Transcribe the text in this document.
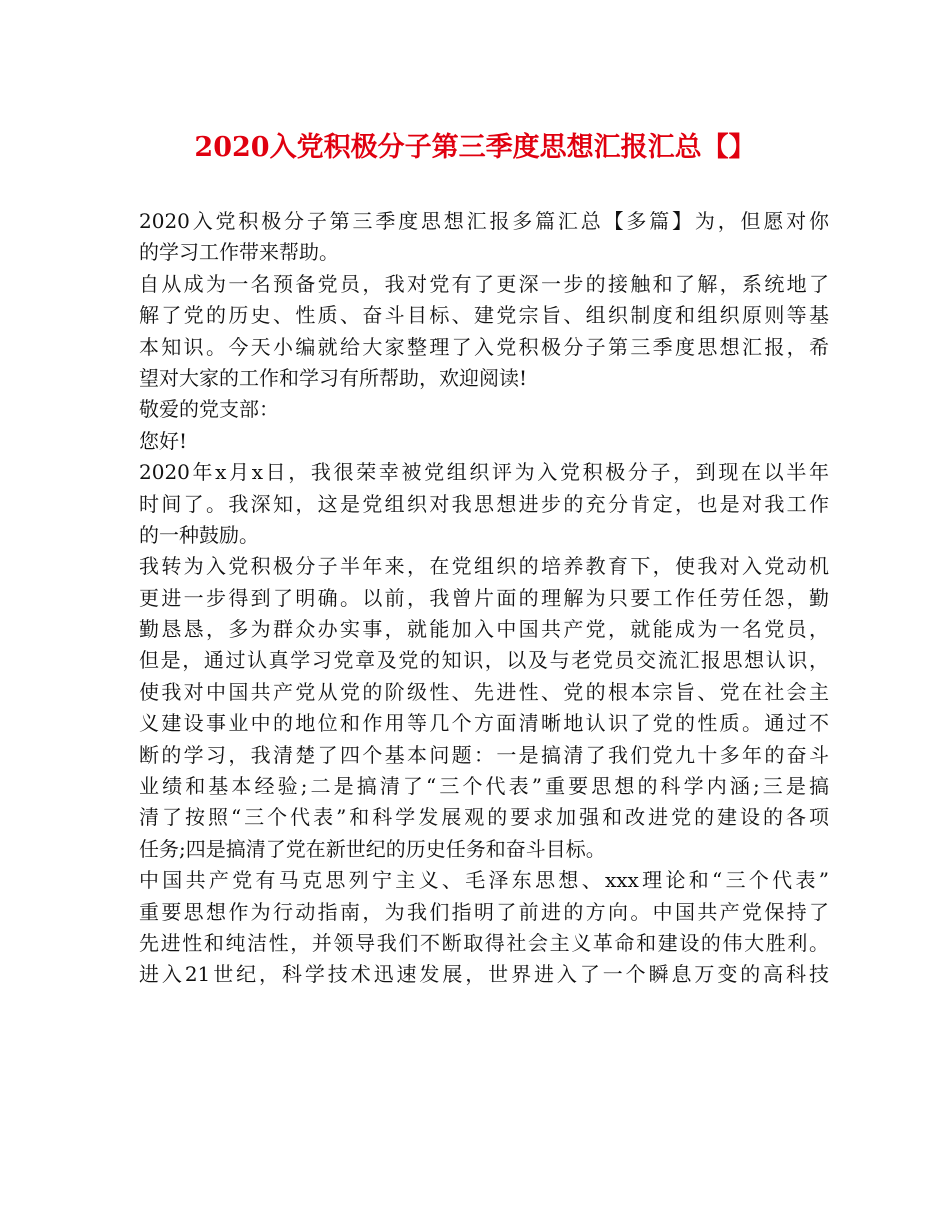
2020入党积极分子第三季度思想汇报汇总【】
2020入党积极分子第三季度思想汇报多篇汇总【多篇】为，但愿对你
的学习工作带来帮助。
自从成为一名预备党员，我对党有了更深一步的接触和了解，系统地了
解了党的历史、性质、奋斗目标、建党宗旨、组织制度和组织原则等基
本知识。今天小编就给大家整理了入党积极分子第三季度思想汇报，希
望对大家的工作和学习有所帮助，欢迎阅读!
敬爱的党支部：
您好!
2020年x月x日，我很荣幸被党组织评为入党积极分子，到现在以半年
时间了。我深知，这是党组织对我思想进步的充分肯定，也是对我工作
的一种鼓励。
我转为入党积极分子半年来，在党组织的培养教育下，使我对入党动机
更进一步得到了明确。以前，我曾片面的理解为只要工作任劳任怨，勤
勤恳恳，多为群众办实事，就能加入中国共产党，就能成为一名党员，
但是，通过认真学习党章及党的知识，以及与老党员交流汇报思想认识，
使我对中国共产党从党的阶级性、先进性、党的根本宗旨、党在社会主
义建设事业中的地位和作用等几个方面清晰地认识了党的性质。通过不
断的学习，我清楚了四个基本问题：一是搞清了我们党九十多年的奋斗
业绩和基本经验;二是搞清了“三个代表”重要思想的科学内涵;三是搞
清了按照“三个代表”和科学发展观的要求加强和改进党的建设的各项
任务;四是搞清了党在新世纪的历史任务和奋斗目标。
中国共产党有马克思列宁主义、毛泽东思想、xxx理论和“三个代表”
重要思想作为行动指南，为我们指明了前进的方向。中国共产党保持了
先进性和纯洁性，并领导我们不断取得社会主义革命和建设的伟大胜利。
进入21世纪，科学技术迅速发展，世界进入了一个瞬息万变的高科技
